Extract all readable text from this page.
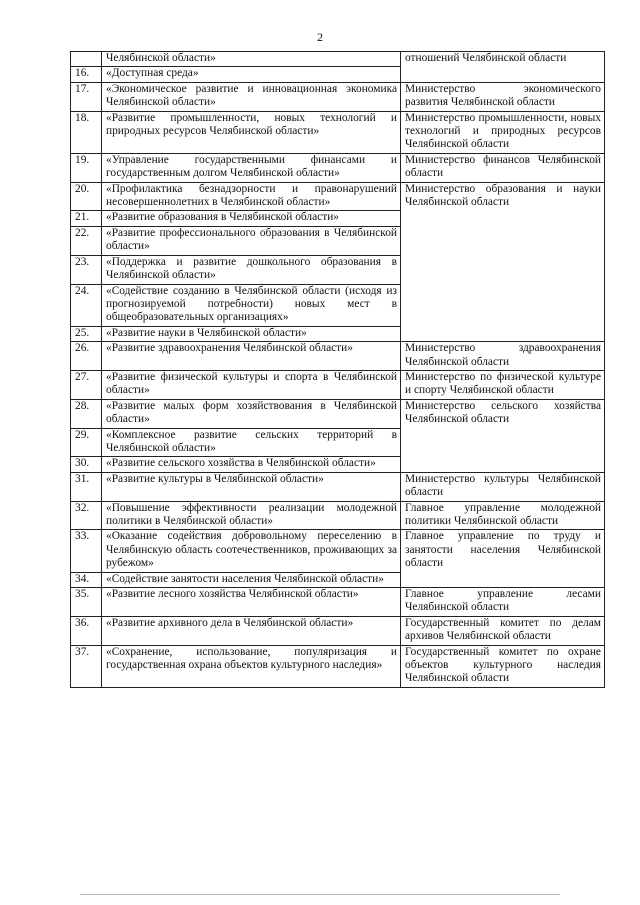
2
	Челябинской области»	отношений Челябинской области
16.	«Доступная среда»	
17.	«Экономическое развитие и инновационная экономика Челябинской области»	Министерство экономического развития Челябинской области
18.	«Развитие промышленности, новых технологий и природных ресурсов Челябинской области»	Министерство промышленности, новых технологий и природных ресурсов Челябинской области
19.	«Управление государственными финансами и государственным долгом Челябинской области»	Министерство финансов Челябинской области
20.	«Профилактика безнадзорности и правонарушений несовершеннолетних в Челябинской области»	Министерство образования и науки Челябинской области
21.	«Развитие образования в Челябинской области»	
22.	«Развитие профессионального образования в Челябинской области»	
23.	«Поддержка и развитие дошкольного образования в Челябинской области»	
24.	«Содействие созданию в Челябинской области (исходя из прогнозируемой потребности) новых мест в общеобразовательных организациях»	
25.	«Развитие науки в Челябинской области»	
26.	«Развитие здравоохранения Челябинской области»	Министерство здравоохранения Челябинской области
27.	«Развитие физической культуры и спорта в Челябинской области»	Министерство по физической культуре и спорту Челябинской области
28.	«Развитие малых форм хозяйствования в Челябинской области»	Министерство сельского хозяйства Челябинской области
29.	«Комплексное развитие сельских территорий в Челябинской области»	
30.	«Развитие сельского хозяйства в Челябинской области»	
31.	«Развитие культуры в Челябинской области»	Министерство культуры Челябинской области
32.	«Повышение эффективности реализации молодежной политики в Челябинской области»	Главное управление молодежной политики Челябинской области
33.	«Оказание содействия добровольному переселению в Челябинскую область соотечественников, проживающих за рубежом»	Главное управление по труду и занятости населения Челябинской области
34.	«Содействие занятости населения Челябинской области»	
35.	«Развитие лесного хозяйства Челябинской области»	Главное управление лесами Челябинской области
36.	«Развитие архивного дела в Челябинской области»	Государственный комитет по делам архивов Челябинской области
37.	«Сохранение, использование, популяризация и государственная охрана объектов культурного наследия»	Государственный комитет по охране объектов культурного наследия Челябинской области
